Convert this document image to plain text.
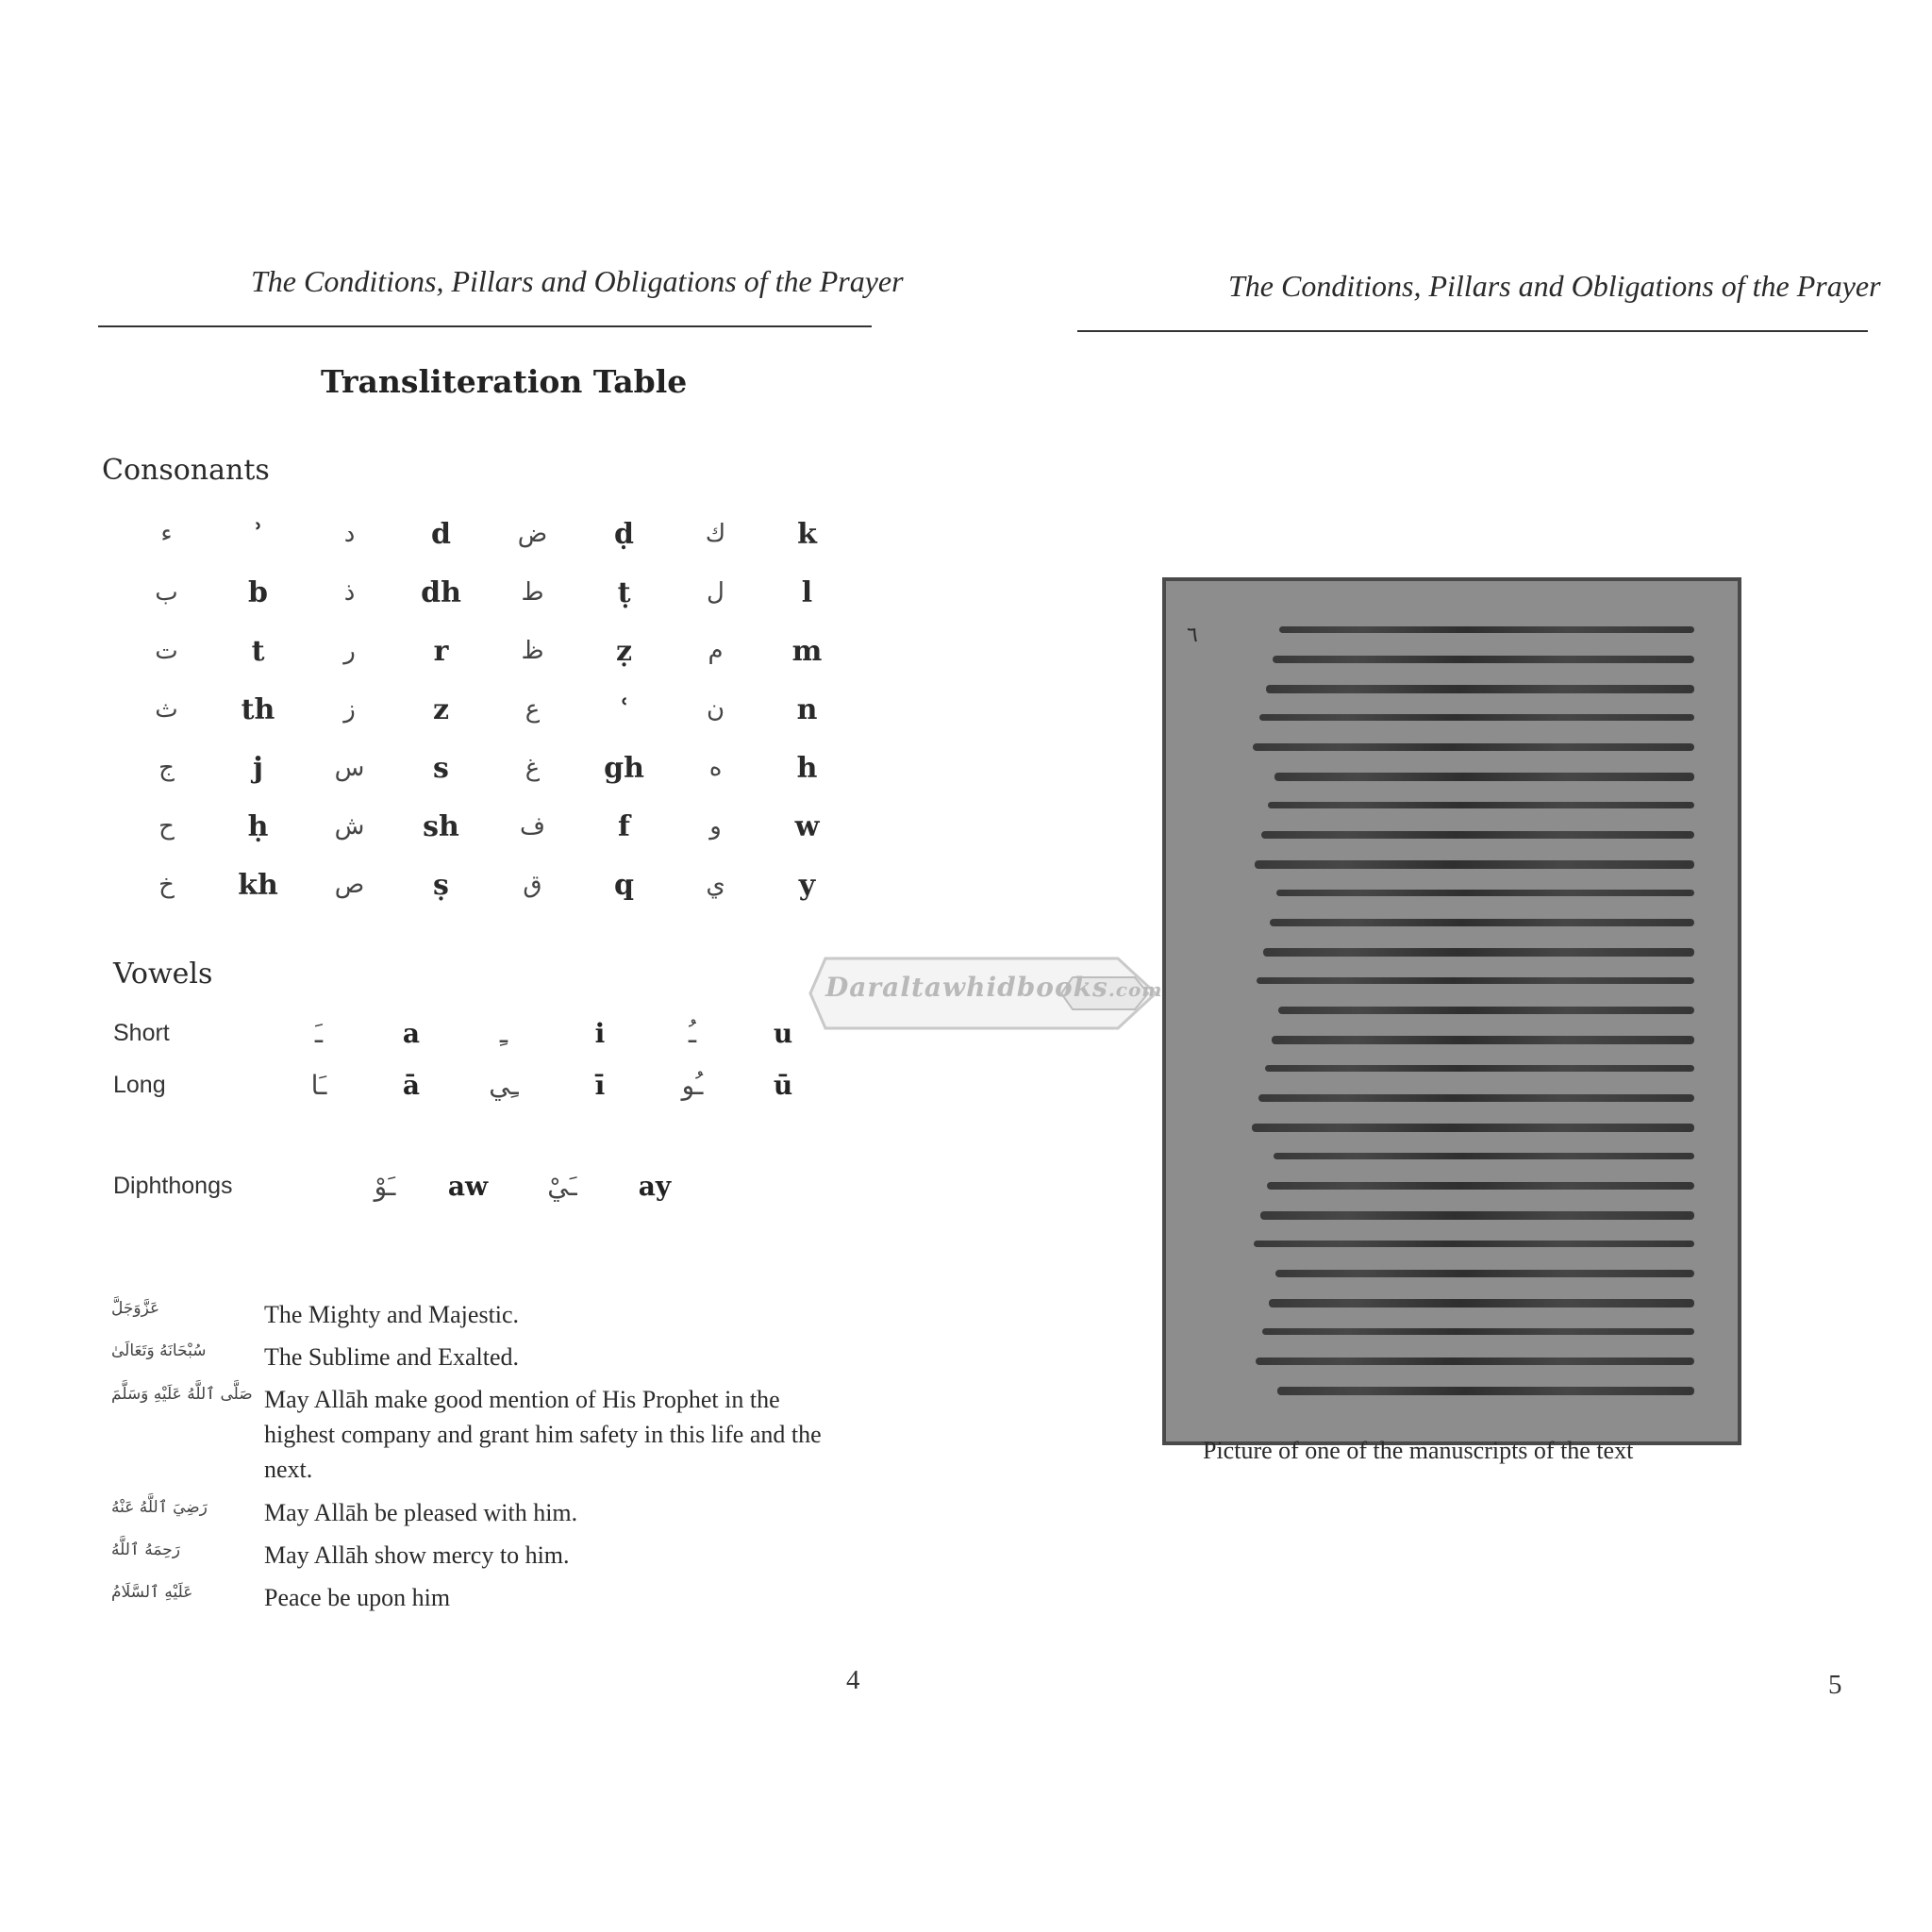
The Conditions, Pillars and Obligations of the Prayer
Transliteration Table
Consonants
ء	ʾ	د	d	ض	ḍ	ك	k
ب	b	ذ	dh	ط	ṭ	ل	l
ت	t	ر	r	ظ	ẓ	م	m
ث	th	ز	z	ع	ʿ	ن	n
ج	j	س	s	غ	gh	ه	h
ح	ḥ	ش	sh	ف	f	و	w
خ	kh	ص	ṣ	ق	q	ي	y
Vowels
Short	ـَ	a	ـِ	i	ـُ	u
Long	ـَا	ā	ـِي	ī	ـُو	ū
Diphthongs	ـَوْ	aw	ـَيْ	ay
عَزَّوَجَلَّ	The Mighty and Majestic.
سُبْحَانَهُ وَتَعَالَىٰ	The Sublime and Exalted.
صَلَّى ٱللَّهُ عَلَيْهِ وَسَلَّمَ May Allāh make good mention of His Prophet in the highest company and grant him safety in this life and the next.
رَضِيَ ٱللَّهُ عَنْهُ	May Allāh be pleased with him.
رَحِمَهُ ٱللَّهُ	May Allāh show mercy to him.
عَلَيْهِ ٱلسَّلَامُ	Peace be upon him
4
The Conditions, Pillars and Obligations of the Prayer
5
٦
Picture of one of the manuscripts of the text
Daraltawhidbooks.com
